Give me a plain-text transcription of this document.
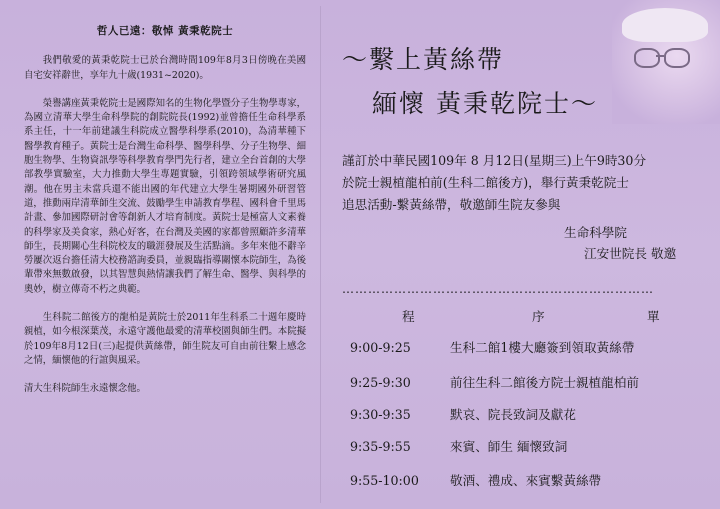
哲人已遠：敬悼 黃秉乾院士

我們敬愛的黃秉乾院士已於台灣時間109年8月3日傍晚在美國自宅安祥辭世，享年九十歲(1931~2020)。

榮譽講座黃秉乾院士是國際知名的生物化學暨分子生物學專家，為國立清華大學生命科學院的創院院長(1992)並曾擔任生命科學系系主任，十一年前建議生科院成立醫學科學系(2010)，為清華種下醫學教育種子。黃院士是台灣生命科學、醫學科學、分子生物學、細胞生物學、生物資訊學等科學教育學門先行者，建立全台首創的大學部教學實驗室，大力推動大學生專題實驗，引領跨領域學術研究風潮。他在男主未當兵還不能出國的年代建立大學生暑期國外研習管道，推動兩岸清華師生交流、鼓勵學生申請教育學程、國科會千里馬計畫、參加國際研討會等創新人才培育制度。黃院士是極富人文素養的科學家及美食家，熱心好客，在台灣及美國的家都曾照顧許多清華師生，長期關心生科院校友的職涯發展及生活點滴。多年來他不辭辛勞屢次返台擔任清大校務諮詢委員，並親臨指導關懷本院師生，為後輩帶來無數啟發，以其智慧與熱情讓我們了解生命、醫學、與科學的奧妙，樹立傳奇不朽之典範。

生科院二館後方的龍柏是黃院士於2011年生科系二十週年慶時親植，如今根深葉茂，永遠守護他最愛的清華校園與師生們。本院擬於109年8月12日(三)起提供黃絲帶，師生院友可自由前往繫上感念之情，緬懷他的行誼與風采。

清大生科院師生永遠懷念他。

～繫上黃絲帶
緬懷 黃秉乾院士～
謹訂於中華民國109年 8 月12日(星期三)上午9時30分
於院士親植龍柏前(生科二館後方)，舉行黃秉乾院士
追思活動-繫黃絲帶，敬邀師生院友參與
生命科學院
江安世院長 敬邀
………………………………………………………………
程	序	單
9:00-9:25	生科二館1樓大廳簽到領取黃絲帶
9:25-9:30	前往生科二館後方院士親植龍柏前
9:30-9:35	默哀、院長致詞及獻花
9:35-9:55	來賓、師生 緬懷致詞
9:55-10:00 敬酒、禮成、來賓繫黃絲帶
